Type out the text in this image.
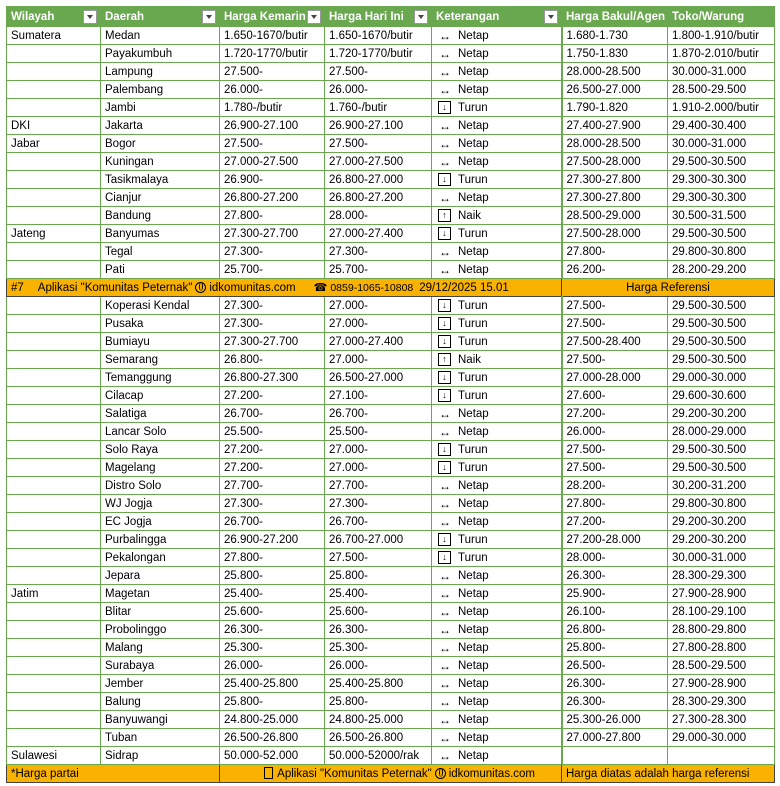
Wilayah	Daerah	Harga Kemarin	Harga Hari Ini	Keterangan	Harga Bakul/Agen	Toko/Warung
Sumatera	Medan	1.650-1670/butir	1.650-1670/butir	↔ Netap	1.680-1.730	1.800-1.910/butir
	Payakumbuh	1.720-1770/butir	1.720-1770/butir	↔ Netap	1.750-1.830	1.870-2.010/butir
	Lampung	27.500-	27.500-	↔ Netap	28.000-28.500	30.000-31.000
	Palembang	26.000-	26.000-	↔ Netap	26.500-27.000	28.500-29.500
	Jambi	1.780-/butir	1.760-/butir	↓ Turun	1.790-1.820	1.910-2.000/butir
DKI	Jakarta	26.900-27.100	26.900-27.100	↔ Netap	27.400-27.900	29.400-30.400
Jabar	Bogor	27.500-	27.500-	↔ Netap	28.000-28.500	30.000-31.000
	Kuningan	27.000-27.500	27.000-27.500	↔ Netap	27.500-28.000	29.500-30.500
	Tasikmalaya	26.900-	26.800-27.000	↓ Turun	27.300-27.800	29.300-30.300
	Cianjur	26.800-27.200	26.800-27.200	↔ Netap	27.300-27.800	29.300-30.300
	Bandung	27.800-	28.000-	↑ Naik	28.500-29.000	30.500-31.500
Jateng	Banyumas	27.300-27.700	27.000-27.400	↓ Turun	27.500-28.000	29.500-30.500
	Tegal	27.300-	27.300-	↔ Netap	27.800-	29.800-30.800
	Pati	25.700-	25.700-	↔ Netap	26.200-	28.200-29.200
#7 Aplikasi "Komunitas Peternak" idkomunitas.com ☎ 0859-1065-10808 29/12/2025 15.01					Harga Referensi	
	Koperasi Kendal	27.300-	27.000-	↓ Turun	27.500-	29.500-30.500
	Pusaka	27.300-	27.000-	↓ Turun	27.500-	29.500-30.500
	Bumiayu	27.300-27.700	27.000-27.400	↓ Turun	27.500-28.400	29.500-30.500
	Semarang	26.800-	27.000-	↑ Naik	27.500-	29.500-30.500
	Temanggung	26.800-27.300	26.500-27.000	↓ Turun	27.000-28.000	29.000-30.000
	Cilacap	27.200-	27.100-	↓ Turun	27.600-	29.600-30.600
	Salatiga	26.700-	26.700-	↔ Netap	27.200-	29.200-30.200
	Lancar Solo	25.500-	25.500-	↔ Netap	26.000-	28.000-29.000
	Solo Raya	27.200-	27.000-	↓ Turun	27.500-	29.500-30.500
	Magelang	27.200-	27.000-	↓ Turun	27.500-	29.500-30.500
	Distro Solo	27.700-	27.700-	↔ Netap	28.200-	30.200-31.200
	WJ Jogja	27.300-	27.300-	↔ Netap	27.800-	29.800-30.800
	EC Jogja	26.700-	26.700-	↔ Netap	27.200-	29.200-30.200
	Purbalingga	26.900-27.200	26.700-27.000	↓ Turun	27.200-28.000	29.200-30.200
	Pekalongan	27.800-	27.500-	↓ Turun	28.000-	30.000-31.000
	Jepara	25.800-	25.800-	↔ Netap	26.300-	28.300-29.300
Jatim	Magetan	25.400-	25.400-	↔ Netap	25.900-	27.900-28.900
	Blitar	25.600-	25.600-	↔ Netap	26.100-	28.100-29.100
	Probolinggo	26.300-	26.300-	↔ Netap	26.800-	28.800-29.800
	Malang	25.300-	25.300-	↔ Netap	25.800-	27.800-28.800
	Surabaya	26.000-	26.000-	↔ Netap	26.500-	28.500-29.500
	Jember	25.400-25.800	25.400-25.800	↔ Netap	26.300-	27.900-28.900
	Balung	25.800-	25.800-	↔ Netap	26.300-	28.300-29.300
	Banyuwangi	24.800-25.000	24.800-25.000	↔ Netap	25.300-26.000	27.300-28.300
	Tuban	26.500-26.800	26.500-26.800	↔ Netap	27.000-27.800	29.000-30.000
Sulawesi	Sidrap	50.000-52.000	50.000-52000/rak	↔ Netap		

*Harga partai		Aplikasi "Komunitas Peternak" idkomunitas.com			Harga diatas adalah harga referensi	
